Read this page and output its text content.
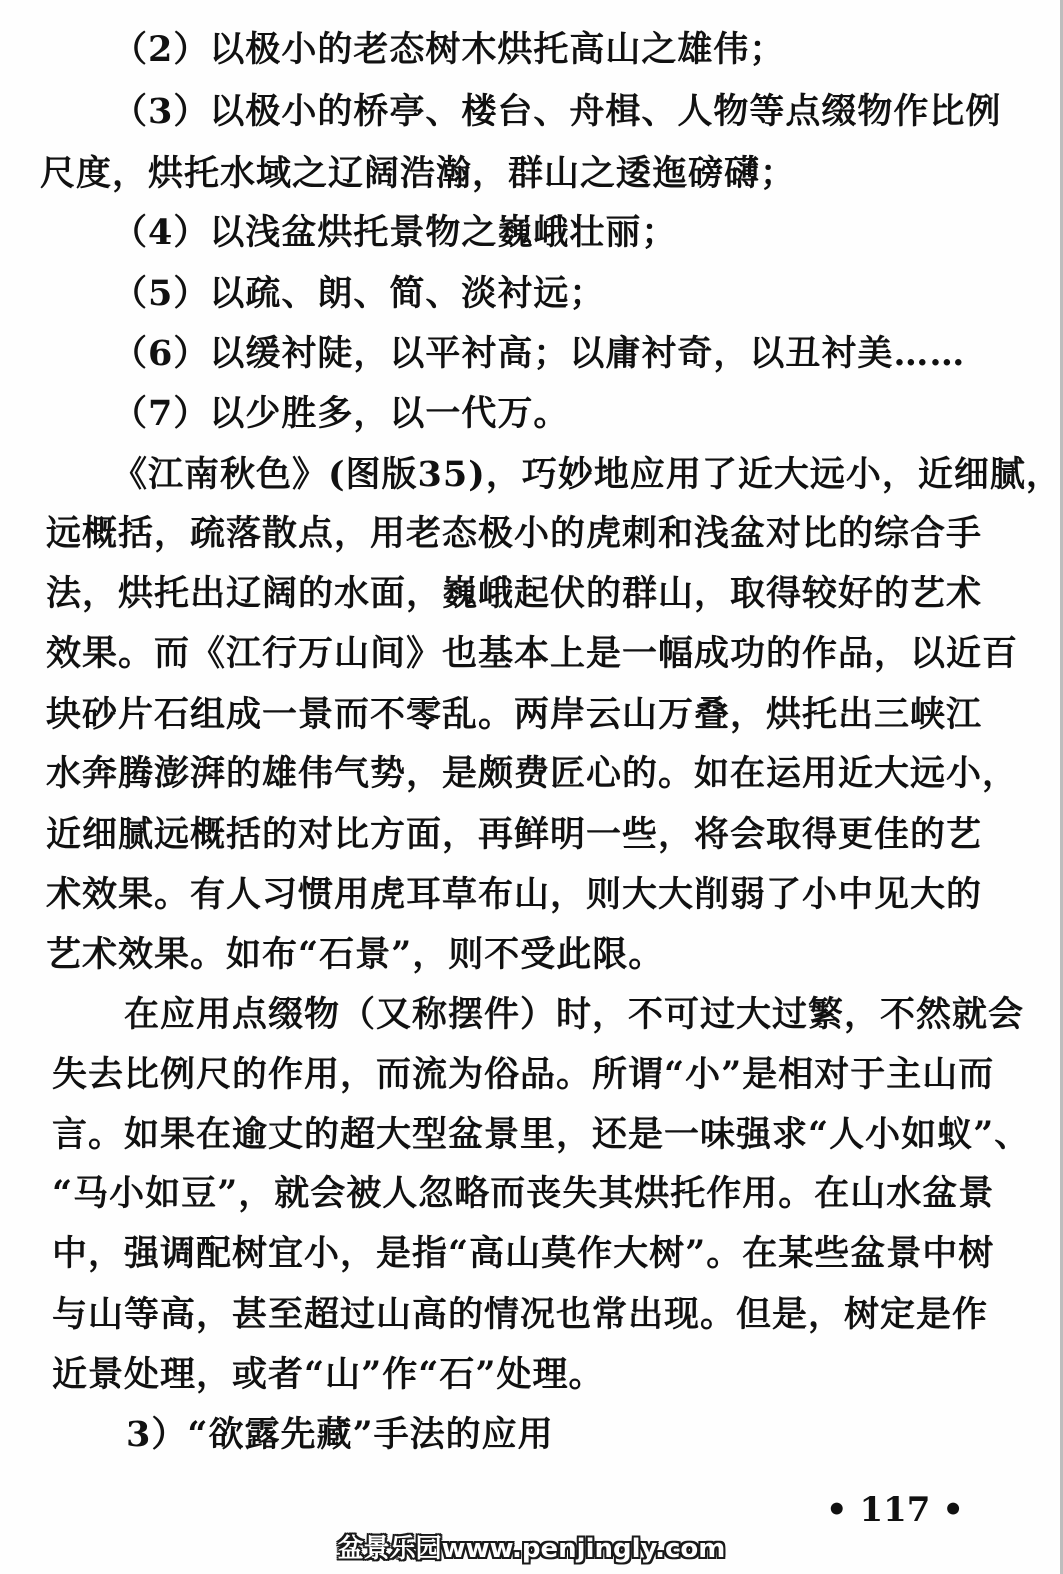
（2）以极小的老态树木烘托高山之雄伟；
（3）以极小的桥亭、楼台、舟楫、人物等点缀物作比例
尺度，烘托水域之辽阔浩瀚，群山之逶迤磅礴；
（4）以浅盆烘托景物之巍峨壮丽；
（5）以疏、朗、简、淡衬远；
（6）以缓衬陡，以平衬高；以庸衬奇，以丑衬美……
（7）以少胜多，以一代万。
《江南秋色》(图版35)，巧妙地应用了近大远小，近细腻，
远概括，疏落散点，用老态极小的虎刺和浅盆对比的综合手
法，烘托出辽阔的水面，巍峨起伏的群山，取得较好的艺术
效果。而《江行万山间》也基本上是一幅成功的作品，以近百
块砂片石组成一景而不零乱。两岸云山万叠，烘托出三峡江
水奔腾澎湃的雄伟气势，是颇费匠心的。如在运用近大远小，
近细腻远概括的对比方面，再鲜明一些，将会取得更佳的艺
术效果。有人习惯用虎耳草布山，则大大削弱了小中见大的
艺术效果。如布“石景”，则不受此限。
在应用点缀物（又称摆件）时，不可过大过繁，不然就会
失去比例尺的作用，而流为俗品。所谓“小”是相对于主山而
言。如果在逾丈的超大型盆景里，还是一味强求“人小如蚁”、
“马小如豆”，就会被人忽略而丧失其烘托作用。在山水盆景
中，强调配树宜小，是指“高山莫作大树”。在某些盆景中树
与山等高，甚至超过山高的情况也常出现。但是，树定是作
近景处理，或者“山”作“石”处理。
3）“欲露先藏”手法的应用
• 117 •
盆景乐园www.penjingly.com
